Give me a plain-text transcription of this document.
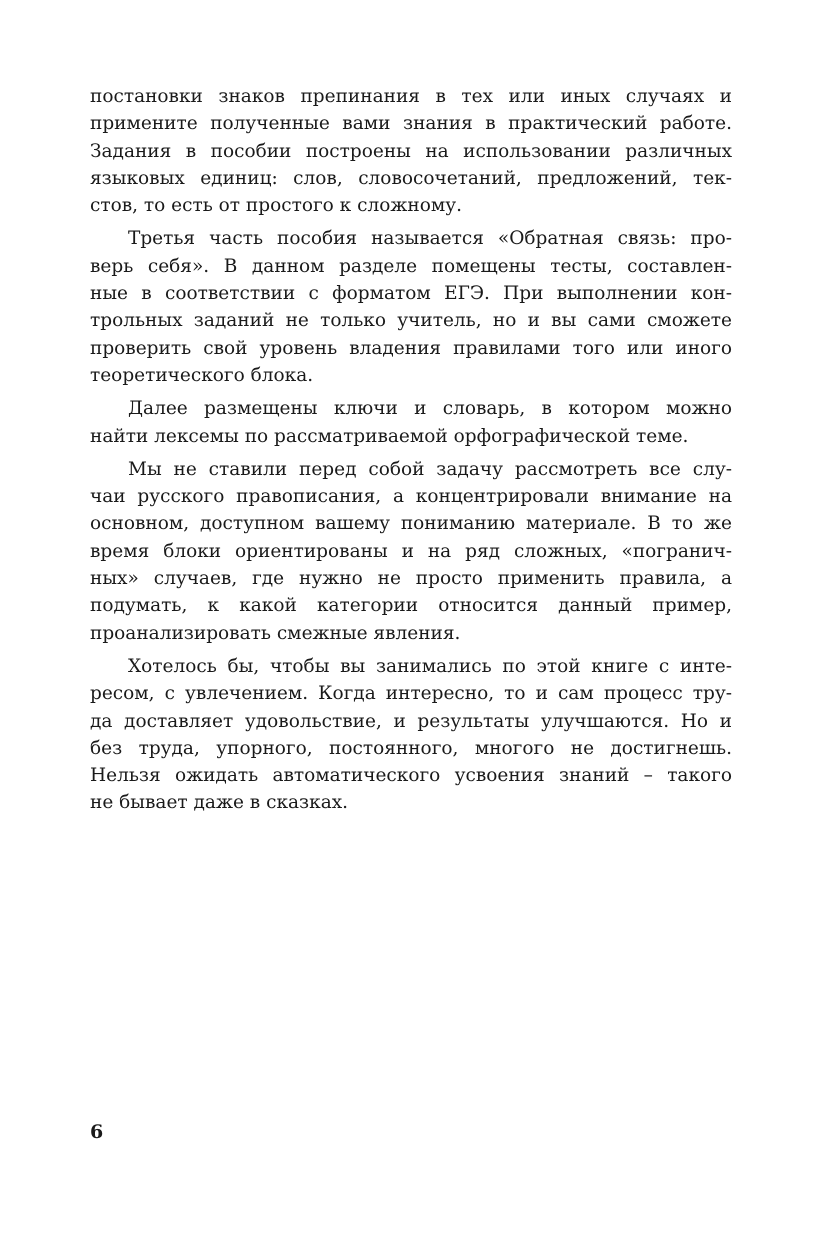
постановки знаков препинания в тех или иных случаях и
примените полученные вами знания в практический работе.
Задания в пособии построены на использовании различных
языковых единиц: слов, словосочетаний, предложений, тек-
стов, то есть от простого к сложному.
Третья часть пособия называется «Обратная связь: про-
верь себя». В данном разделе помещены тесты, составлен-
ные в соответствии с форматом ЕГЭ. При выполнении кон-
трольных заданий не только учитель, но и вы сами сможете
проверить свой уровень владения правилами того или иного
теоретического блока.
Далее размещены ключи и словарь, в котором можно
найти лексемы по рассматриваемой орфографической теме.
Мы не ставили перед собой задачу рассмотреть все слу-
чаи русского правописания, а концентрировали внимание на
основном, доступном вашему пониманию материале. В то же
время блоки ориентированы и на ряд сложных, «погранич-
ных» случаев, где нужно не просто применить правила, а
подумать, к какой категории относится данный пример,
проанализировать смежные явления.
Хотелось бы, чтобы вы занимались по этой книге с инте-
ресом, с увлечением. Когда интересно, то и сам процесс тру-
да доставляет удовольствие, и результаты улучшаются. Но и
без труда, упорного, постоянного, многого не достигнешь.
Нельзя ожидать автоматического усвоения знаний – такого
не бывает даже в сказках.
6
